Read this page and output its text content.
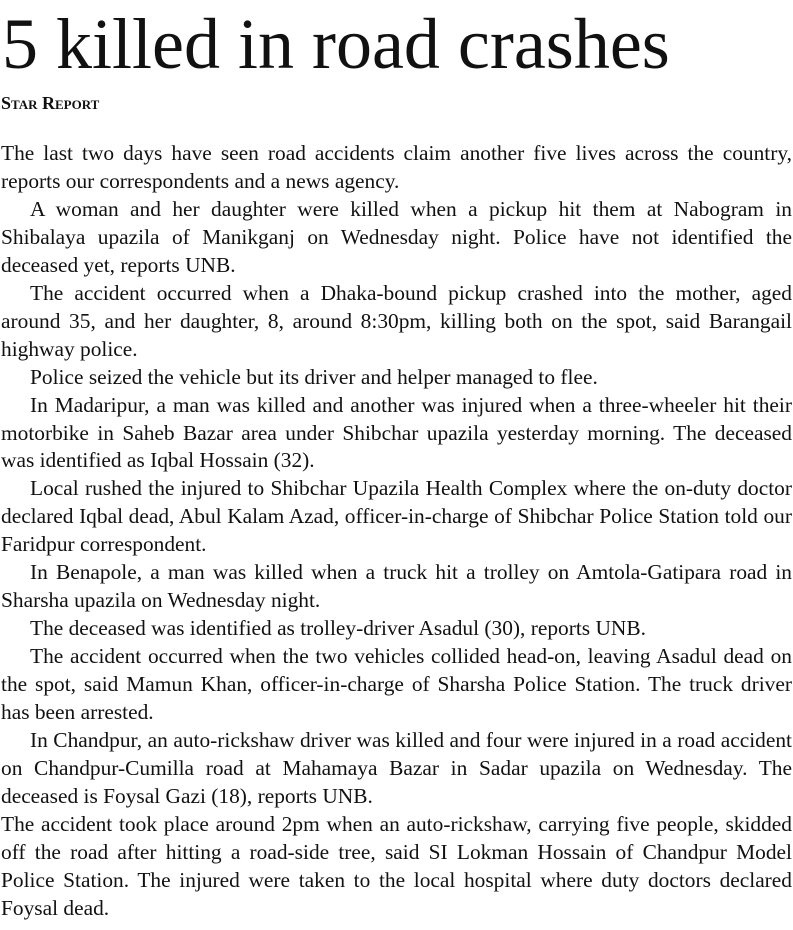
5 killed in road crashes
Star Report

The last two days have seen road accidents claim another five lives across the country, reports our correspondents and a news agency.

A woman and her daughter were killed when a pickup hit them at Nabogram in Shibalaya upazila of Manikganj on Wednesday night. Police have not identified the deceased yet, reports UNB.

The accident occurred when a Dhaka-bound pickup crashed into the mother, aged around 35, and her daughter, 8, around 8:30pm, killing both on the spot, said Barangail highway police.

Police seized the vehicle but its driver and helper managed to flee.

In Madaripur, a man was killed and another was injured when a three-wheeler hit their motorbike in Saheb Bazar area under Shibchar upazila yesterday morning. The deceased was identified as Iqbal Hossain (32).

Local rushed the injured to Shibchar Upazila Health Complex where the on-duty doctor declared Iqbal dead, Abul Kalam Azad, officer-in-charge of Shibchar Police Station told our Faridpur correspondent.

In Benapole, a man was killed when a truck hit a trolley on Amtola-Gatipara road in Sharsha upazila on Wednesday night.

The deceased was identified as trolley-driver Asadul (30), reports UNB.

The accident occurred when the two vehicles collided head-on, leaving Asadul dead on the spot, said Mamun Khan, officer-in-charge of Sharsha Police Station. The truck driver has been arrested.

In Chandpur, an auto-rickshaw driver was killed and four were injured in a road accident on Chandpur-Cumilla road at Mahamaya Bazar in Sadar upazila on Wednesday. The deceased is Foysal Gazi (18), reports UNB.

The accident took place around 2pm when an auto-rickshaw, carrying five people, skidded off the road after hitting a road-side tree, said SI Lokman Hossain of Chandpur Model Police Station. The injured were taken to the local hospital where duty doctors declared Foysal dead.
